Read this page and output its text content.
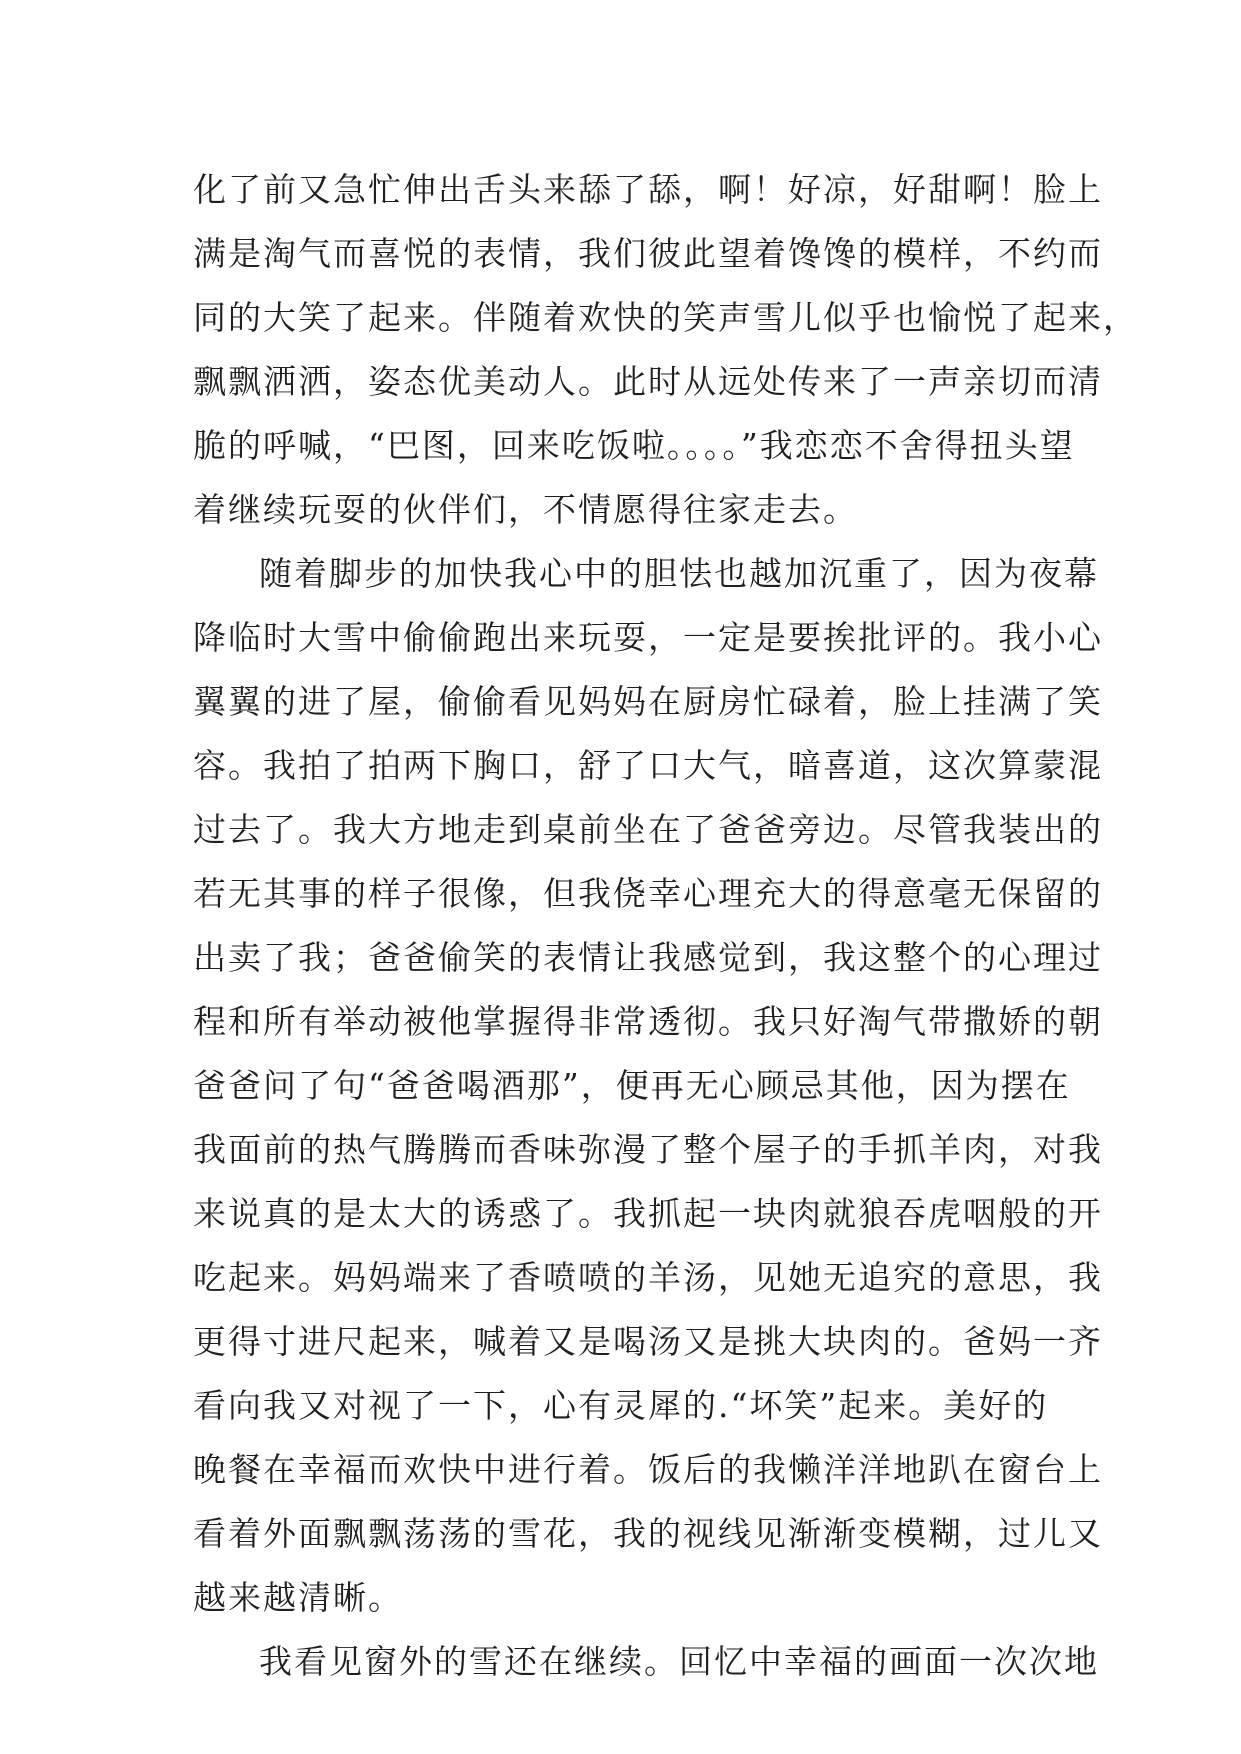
化了前又急忙伸出舌头来舔了舔，啊！好凉，好甜啊！脸上
满是淘气而喜悦的表情，我们彼此望着馋馋的模样，不约而
同的大笑了起来。伴随着欢快的笑声雪儿似乎也愉悦了起来，
飘飘洒洒，姿态优美动人。此时从远处传来了一声亲切而清
脆的呼喊，“巴图，回来吃饭啦。。。。”我恋恋不舍得扭头望
着继续玩耍的伙伴们，不情愿得往家走去。
随着脚步的加快我心中的胆怯也越加沉重了，因为夜幕
降临时大雪中偷偷跑出来玩耍，一定是要挨批评的。我小心
翼翼的进了屋，偷偷看见妈妈在厨房忙碌着，脸上挂满了笑
容。我拍了拍两下胸口，舒了口大气，暗喜道，这次算蒙混
过去了。我大方地走到桌前坐在了爸爸旁边。尽管我装出的
若无其事的样子很像，但我侥幸心理充大的得意毫无保留的
出卖了我；爸爸偷笑的表情让我感觉到，我这整个的心理过
程和所有举动被他掌握得非常透彻。我只好淘气带撒娇的朝
爸爸问了句“爸爸喝酒那”，便再无心顾忌其他，因为摆在
我面前的热气腾腾而香味弥漫了整个屋子的手抓羊肉，对我
来说真的是太大的诱惑了。我抓起一块肉就狼吞虎咽般的开
吃起来。妈妈端来了香喷喷的羊汤，见她无追究的意思，我
更得寸进尺起来，喊着又是喝汤又是挑大块肉的。爸妈一齐
看向我又对视了一下，心有灵犀的.“坏笑”起来。美好的
晚餐在幸福而欢快中进行着。饭后的我懒洋洋地趴在窗台上
看着外面飘飘荡荡的雪花，我的视线见渐渐变模糊，过儿又
越来越清晰。
我看见窗外的雪还在继续。回忆中幸福的画面一次次地
